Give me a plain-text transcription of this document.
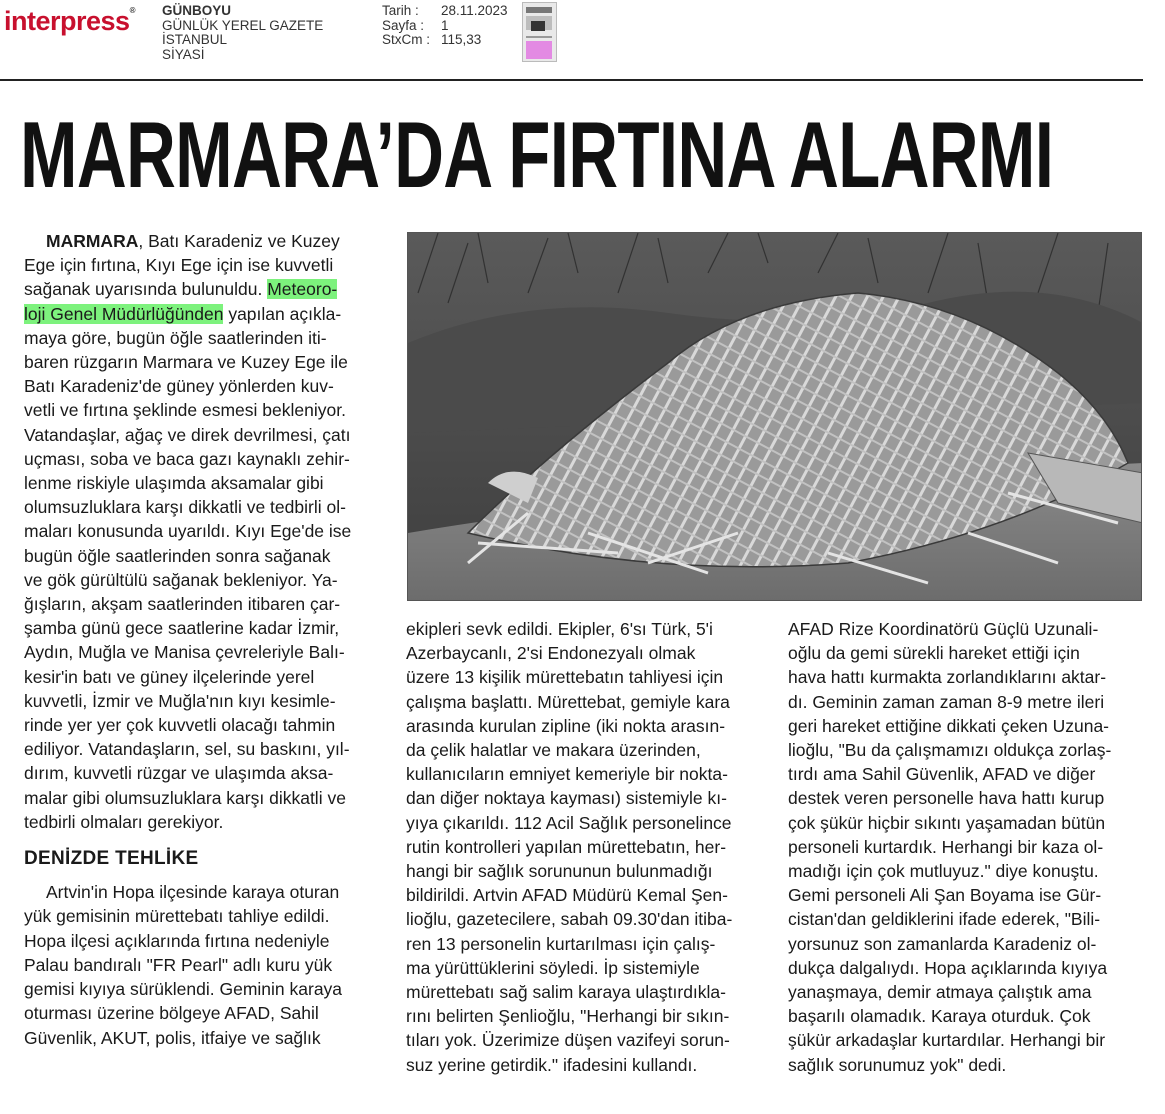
interpress® GÜNBOYU
GÜNLÜK YEREL GAZETE
İSTANBUL
SİYASİ
Tarih :	28.11.2023
Sayfa :	1
StxCm : 115,33
MARMARA’DA FIRTINA ALARMI

MARMARA, Batı Karadeniz ve Kuzey
Ege için fırtına, Kıyı Ege için ise kuvvetli
sağanak uyarısında bulunuldu. Meteoro-
loji Genel Müdürlüğünden yapılan açıkla-
maya göre, bugün öğle saatlerinden iti-
baren rüzgarın Marmara ve Kuzey Ege ile
Batı Karadeniz'de güney yönlerden kuv-
vetli ve fırtına şeklinde esmesi bekleniyor.
Vatandaşlar, ağaç ve direk devrilmesi, çatı
uçması, soba ve baca gazı kaynaklı zehir-
lenme riskiyle ulaşımda aksamalar gibi
olumsuzluklara karşı dikkatli ve tedbirli ol-
maları konusunda uyarıldı. Kıyı Ege'de ise
bugün öğle saatlerinden sonra sağanak
ve gök gürültülü sağanak bekleniyor. Ya-
ğışların, akşam saatlerinden itibaren çar-
şamba günü gece saatlerine kadar İzmir,
Aydın, Muğla ve Manisa çevreleriyle Balı-
kesir'in batı ve güney ilçelerinde yerel
kuvvetli, İzmir ve Muğla'nın kıyı kesimle-
rinde yer yer çok kuvvetli olacağı tahmin
ediliyor. Vatandaşların, sel, su baskını, yıl-
dırım, kuvvetli rüzgar ve ulaşımda aksa-
malar gibi olumsuzluklara karşı dikkatli ve
tedbirli olmaları gerekiyor.

DENİZDE TEHLİKE

Artvin'in Hopa ilçesinde karaya oturan
yük gemisinin mürettebatı tahliye edildi.
Hopa ilçesi açıklarında fırtına nedeniyle
Palau bandıralı "FR Pearl" adlı kuru yük
gemisi kıyıya sürüklendi. Geminin karaya
oturması üzerine bölgeye AFAD, Sahil
Güvenlik, AKUT, polis, itfaiye ve sağlık

ekipleri sevk edildi. Ekipler, 6'sı Türk, 5'i
Azerbaycanlı, 2'si Endonezyalı olmak
üzere 13 kişilik mürettebatın tahliyesi için
çalışma başlattı. Mürettebat, gemiyle kara
arasında kurulan zipline (iki nokta arasın-
da çelik halatlar ve makara üzerinden,
kullanıcıların emniyet kemeriyle bir nokta-
dan diğer noktaya kayması) sistemiyle kı-
yıya çıkarıldı. 112 Acil Sağlık personelince
rutin kontrolleri yapılan mürettebatın, her-
hangi bir sağlık sorununun bulunmadığı
bildirildi. Artvin AFAD Müdürü Kemal Şen-
lioğlu, gazetecilere, sabah 09.30'dan itiba-
ren 13 personelin kurtarılması için çalış-
ma yürüttüklerini söyledi. İp sistemiyle
mürettebatı sağ salim karaya ulaştırdıkla-
rını belirten Şenlioğlu, "Herhangi bir sıkın-
tıları yok. Üzerimize düşen vazifeyi sorun-
suz yerine getirdik." ifadesini kullandı.

AFAD Rize Koordinatörü Güçlü Uzunali-
oğlu da gemi sürekli hareket ettiği için
hava hattı kurmakta zorlandıklarını aktar-
dı. Geminin zaman zaman 8-9 metre ileri
geri hareket ettiğine dikkati çeken Uzuna-
lioğlu, "Bu da çalışmamızı oldukça zorlaş-
tırdı ama Sahil Güvenlik, AFAD ve diğer
destek veren personelle hava hattı kurup
çok şükür hiçbir sıkıntı yaşamadan bütün
personeli kurtardık. Herhangi bir kaza ol-
madığı için çok mutluyuz." diye konuştu.
Gemi personeli Ali Şan Boyama ise Gür-
cistan'dan geldiklerini ifade ederek, "Bili-
yorsunuz son zamanlarda Karadeniz ol-
dukça dalgalıydı. Hopa açıklarında kıyıya
yanaşmaya, demir atmaya çalıştık ama
başarılı olamadık. Karaya oturduk. Çok
şükür arkadaşlar kurtardılar. Herhangi bir
sağlık sorunumuz yok" dedi.
